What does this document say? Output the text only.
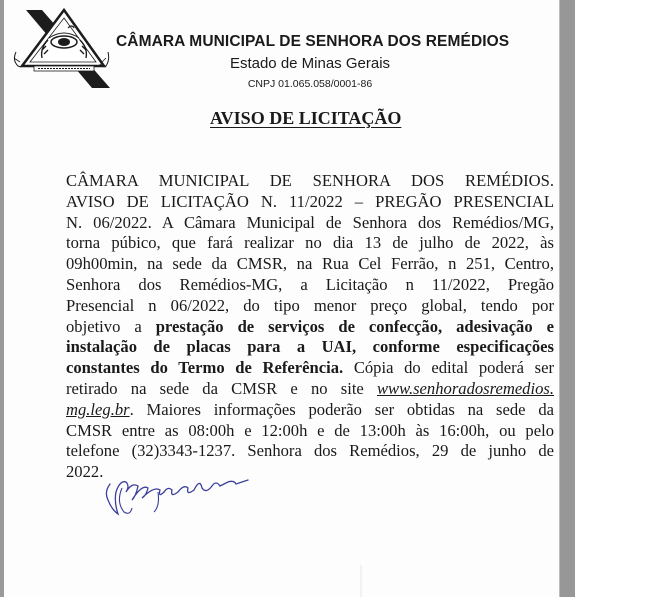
CÂMARA MUNICIPAL DE SENHORA DOS REMÉDIOS
Estado de Minas Gerais
CNPJ 01.065.058/0001-86
AVISO DE LICITAÇÃO
CÂMARA MUNICIPAL DE SENHORA DOS REMÉDIOS.
AVISO DE LICITAÇÃO N. 11/2022 – PREGÃO PRESENCIAL
N. 06/2022. A Câmara Municipal de Senhora dos Remédios/MG,
torna púbico, que fará realizar no dia 13 de julho de 2022, às
09h00min, na sede da CMSR, na Rua Cel Ferrão, n 251, Centro,
Senhora dos Remédios-MG, a Licitação n 11/2022, Pregão
Presencial n 06/2022, do tipo menor preço global, tendo por
objetivo a prestação de serviços de confecção, adesivação e
instalação de placas para a UAI, conforme especificações
constantes do Termo de Referência. Cópia do edital poderá ser
retirado na sede da CMSR e no site www.senhoradosremedios.
mg.leg.br. Maiores informações poderão ser obtidas na sede da
CMSR entre as 08:00h e 12:00h e de 13:00h às 16:00h, ou pelo
telefone (32)3343-1237. Senhora dos Remédios, 29 de junho de
2022.
